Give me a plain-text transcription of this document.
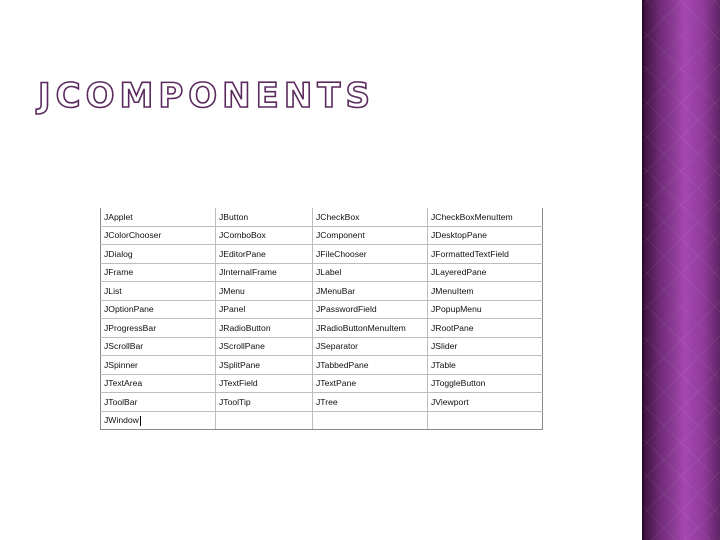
JCOMPONENTS
JApplet	JButton	JCheckBox	JCheckBoxMenuItem
JColorChooser	JComboBox	JComponent	JDesktopPane
JDialog	JEditorPane	JFileChooser	JFormattedTextField
JFrame	JInternalFrame	JLabel	JLayeredPane
JList	JMenu	JMenuBar	JMenuItem
JOptionPane	JPanel	JPasswordField	JPopupMenu
JProgressBar	JRadioButton	JRadioButtonMenuItem	JRootPane
JScrollBar	JScrollPane	JSeparator	JSlider
JSpinner	JSplitPane	JTabbedPane	JTable
JTextArea	JTextField	JTextPane	JToggleButton
JToolBar	JToolTip	JTree	JViewport
JWindow			
